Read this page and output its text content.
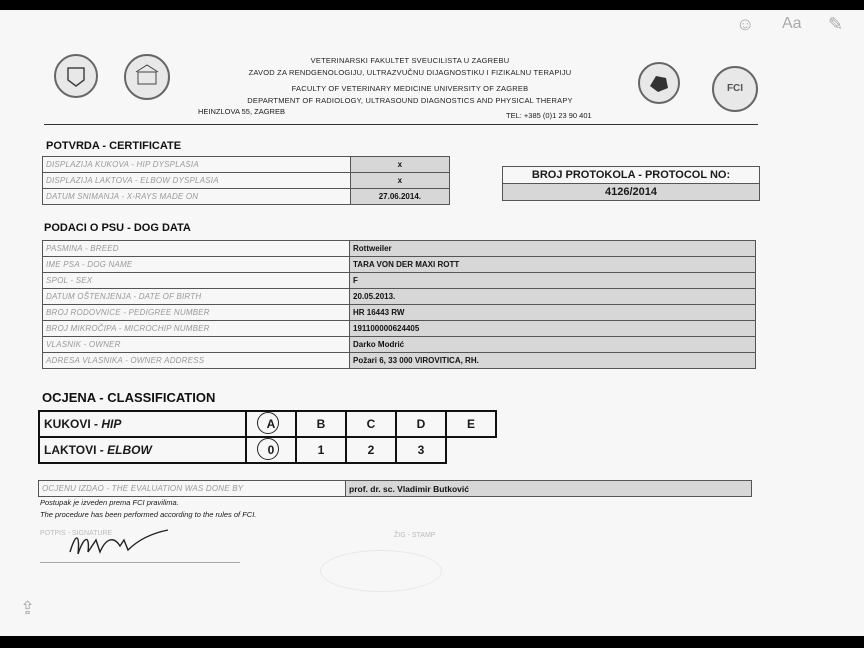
☺ Aa ✎
⇪
FCI
VETERINARSKI FAKULTET SVEUCILISTA U ZAGREBU
ZAVOD ZA RENDGENOLOGIJU, ULTRAZVUČNU DIJAGNOSTIKU I FIZIKALNU TERAPIJU
FACULTY OF VETERINARY MEDICINE UNIVERSITY OF ZAGREB
DEPARTMENT OF RADIOLOGY, ULTRASOUND DIAGNOSTICS AND PHYSICAL THERAPY
HEINZLOVA 55, ZAGREB	TEL: +385 (0)1 23 90 401
POTVRDA - CERTIFICATE
DISPLAZIJA KUKOVA - HIP DYSPLASIA	x
DISPLAZIJA LAKTOVA - ELBOW DYSPLASIA	x
DATUM SNIMANJA - X-RAYS MADE ON	27.06.2014.
BROJ PROTOKOLA - PROTOCOL NO:
4126/2014
PODACI O PSU - DOG DATA
PASMINA - BREED	Rottweiler
IME PSA - DOG NAME	TARA VON DER MAXI ROTT
SPOL - SEX	F
DATUM OŠTENJENJA - DATE OF BIRTH	20.05.2013.
BROJ RODOVNICE - PEDIGREE NUMBER	HR 16443 RW
BROJ MIKROČIPA - MICROCHIP NUMBER	191100000624405
VLASNIK - OWNER	Darko Modrić
ADRESA VLASNIKA - OWNER ADDRESS	Požari 6, 33 000 VIROVITICA, RH.
OCJENA - CLASSIFICATION
KUKOVI - HIP	A	B	C	D	E
LAKTOVI - ELBOW	0	1	2	3	
OCJENU IZDAO - THE EVALUATION WAS DONE BY	prof. dr. sc. Vladimir Butković
Postupak je izveden prema FCI pravilima.
The procedure has been performed according to the rules of FCI.
POTPIS - SIGNATURE	ŽIG - STAMP
